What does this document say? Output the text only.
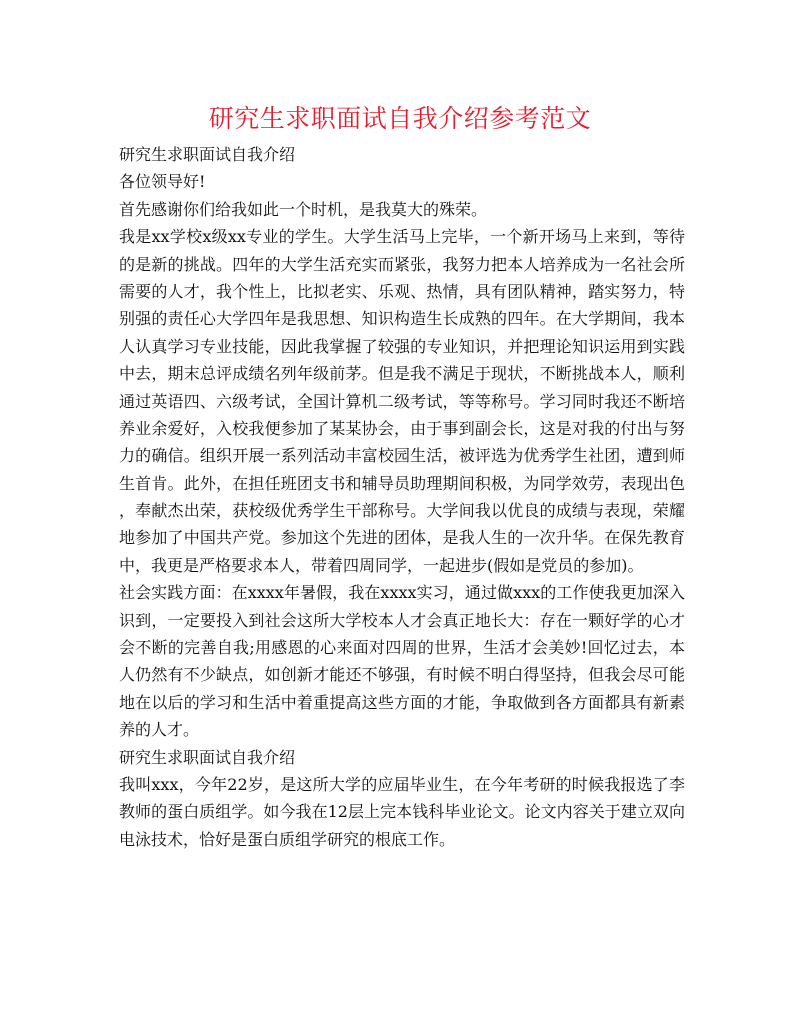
研究生求职面试自我介绍参考范文
研究生求职面试自我介绍
各位领导好!
首先感谢你们给我如此一个时机，是我莫大的殊荣。
我是xx学校x级xx专业的学生。大学生活马上完毕，一个新开场马上来到，等待
的是新的挑战。四年的大学生活充实而紧张，我努力把本人培养成为一名社会所
需要的人才，我个性上，比拟老实、乐观、热情，具有团队精神，踏实努力，特
别强的责任心大学四年是我思想、知识构造生长成熟的四年。在大学期间，我本
人认真学习专业技能，因此我掌握了较强的专业知识，并把理论知识运用到实践
中去，期末总评成绩名列年级前茅。但是我不满足于现状，不断挑战本人，顺利
通过英语四、六级考试，全国计算机二级考试，等等称号。学习同时我还不断培
养业余爱好，入校我便参加了某某协会，由于事到副会长，这是对我的付出与努
力的确信。组织开展一系列活动丰富校园生活，被评选为优秀学生社团，遭到师
生首肯。此外，在担任班团支书和辅导员助理期间积极，为同学效劳，表现出色
，奉献杰出荣，获校级优秀学生干部称号。大学间我以优良的成绩与表现，荣耀
地参加了中国共产党。参加这个先进的团体，是我人生的一次升华。在保先教育
中，我更是严格要求本人，带着四周同学，一起进步(假如是党员的参加)。
社会实践方面：在xxxx年暑假，我在xxxx实习，通过做xxx的工作使我更加深入
识到，一定要投入到社会这所大学校本人才会真正地长大：存在一颗好学的心才
会不断的完善自我;用感恩的心来面对四周的世界，生活才会美妙!回忆过去，本
人仍然有不少缺点，如创新才能还不够强，有时候不明白得坚持，但我会尽可能
地在以后的学习和生活中着重提高这些方面的才能，争取做到各方面都具有新素
养的人才。
研究生求职面试自我介绍
我叫xxx，今年22岁，是这所大学的应届毕业生，在今年考研的时候我报选了李
教师的蛋白质组学。如今我在12层上完本钱科毕业论文。论文内容关于建立双向
电泳技术，恰好是蛋白质组学研究的根底工作。
